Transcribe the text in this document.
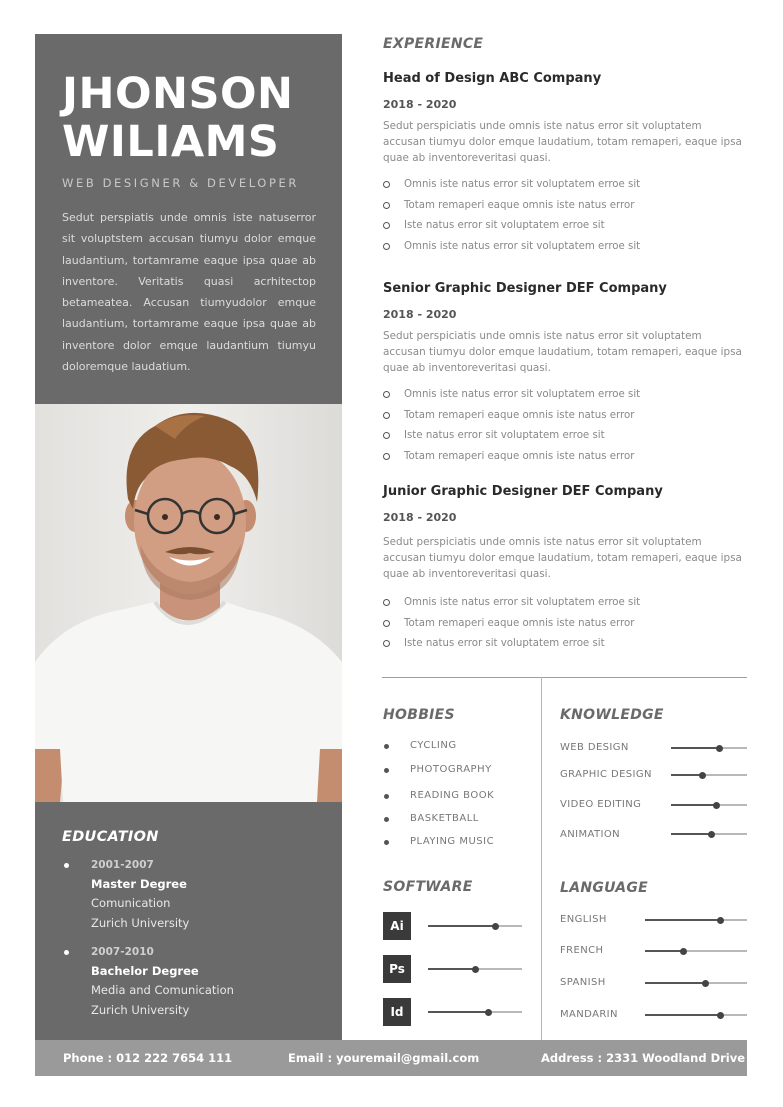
JHONSON
WILIAMS
WEB DESIGNER & DEVELOPER
Sedut perspiatis unde omnis iste natuserror sit voluptstem accusan tiumyu dolor emque laudantium, tortamrame eaque ipsa quae ab inventore. Veritatis quasi acrhitectop betameatea. Accusan tiumyudolor emque laudantium, tortamrame eaque ipsa quae ab inventore dolor emque laudantium tiumyu doloremque laudatium.
EDUCATION
2001-2007
Master Degree
Comunication
Zurich University
2007-2010
Bachelor Degree
Media and Comunication
Zurich University
EXPERIENCE
Head of Design ABC Company
2018 - 2020
Sedut perspiciatis unde omnis iste natus error sit voluptatem accusan tiumyu dolor emque laudatium, totam remaperi, eaque ipsa quae ab inventoreveritasi quasi.
Omnis iste natus error sit voluptatem erroe sit
Totam remaperi eaque omnis iste natus error
Iste natus error sit voluptatem erroe sit
Omnis iste natus error sit voluptatem erroe sit
Senior Graphic Designer DEF Company
2018 - 2020
Sedut perspiciatis unde omnis iste natus error sit voluptatem accusan tiumyu dolor emque laudatium, totam remaperi, eaque ipsa quae ab inventoreveritasi quasi.
Omnis iste natus error sit voluptatem erroe sit
Totam remaperi eaque omnis iste natus error
Iste natus error sit voluptatem erroe sit
Totam remaperi eaque omnis iste natus error
Junior Graphic Designer DEF Company
2018 - 2020
Sedut perspiciatis unde omnis iste natus error sit voluptatem accusan tiumyu dolor emque laudatium, totam remaperi, eaque ipsa quae ab inventoreveritasi quasi.
Omnis iste natus error sit voluptatem erroe sit
Totam remaperi eaque omnis iste natus error
Iste natus error sit voluptatem erroe sit
HOBBIES
CYCLING
PHOTOGRAPHY
READING BOOK
BASKETBALL
PLAYING MUSIC
SOFTWARE
Ai
Ps
Id
KNOWLEDGE
WEB DESIGN
GRAPHIC DESIGN
VIDEO EDITING
ANIMATION
LANGUAGE
ENGLISH
FRENCH
SPANISH
MANDARIN
Phone : 012 222 7654 111	Email : youremail@gmail.com	Address : 2331 Woodland Drive
